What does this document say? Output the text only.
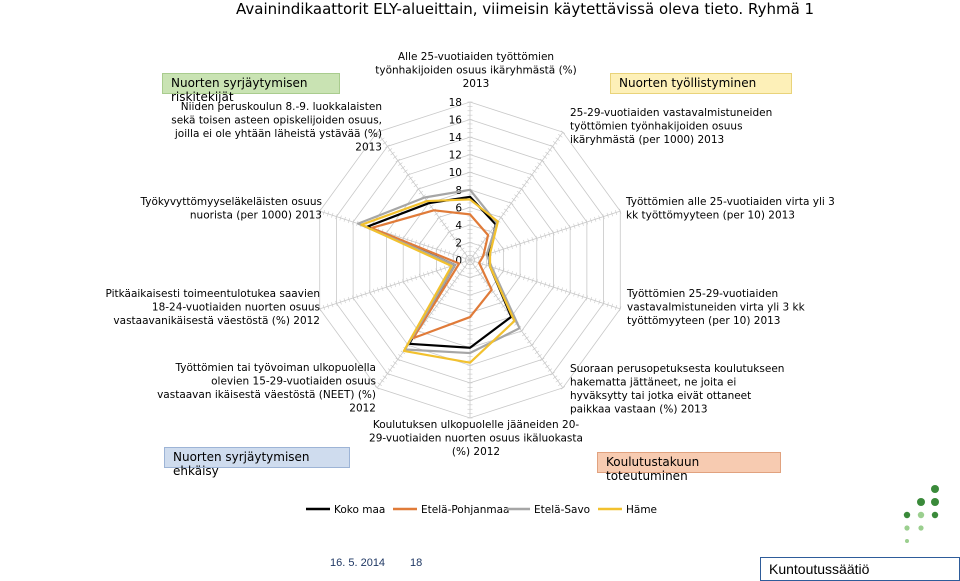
0
2
4
6
8
10
12
14
16
18
Alle 25-vuotiaiden työttömien työnhakijoiden osuus ikäryhmästä (%) 2013
25-29-vuotiaiden vastavalmistuneiden työttömien työnhakijoiden osuus ikäryhmästä (per 1000) 2013
Työttömien alle 25-vuotiaiden virta yli 3 kk työttömyyteen (per 10) 2013
Työttömien 25-29-vuotiaiden vastavalmistuneiden virta yli 3 kk työttömyyteen (per 10) 2013
Suoraan perusopetuksesta koulutukseen hakematta jättäneet, ne joita ei hyväksytty tai jotka eivät ottaneet paikkaa vastaan (%) 2013
Koulutuksen ulkopuolelle jääneiden 20-29-vuotiaiden nuorten osuus ikäluokasta (%) 2012
Työttömien tai työvoiman ulkopuolella olevien 15-29-vuotiaiden osuus vastaavan ikäisestä väestöstä (NEET) (%) 2012
Pitkäaikaisesti toimeentulotukea saavien 18-24-vuotiaiden nuorten osuus vastaavanikäisestä väestöstä (%) 2012
Työkyvyttömyyseläkeläisten osuus nuorista (per 1000) 2013
Niiden peruskoulun 8.-9. luokkalaisten sekä toisen asteen opiskelijoiden osuus, joilla ei ole yhtään läheistä ystävää (%) 2013
Koko maa	Etelä-Pohjanmaa Etelä-Savo	Häme
Avainindikaattorit ELY-alueittain, viimeisin käytettävissä oleva tieto. Ryhmä 1
Nuorten syrjäytymisen riskitekijät
Nuorten työllistyminen
Nuorten syrjäytymisen ehkäisy
Koulutustakuun toteutuminen
16. 5. 2014 18	Kuntoutussäätiö
